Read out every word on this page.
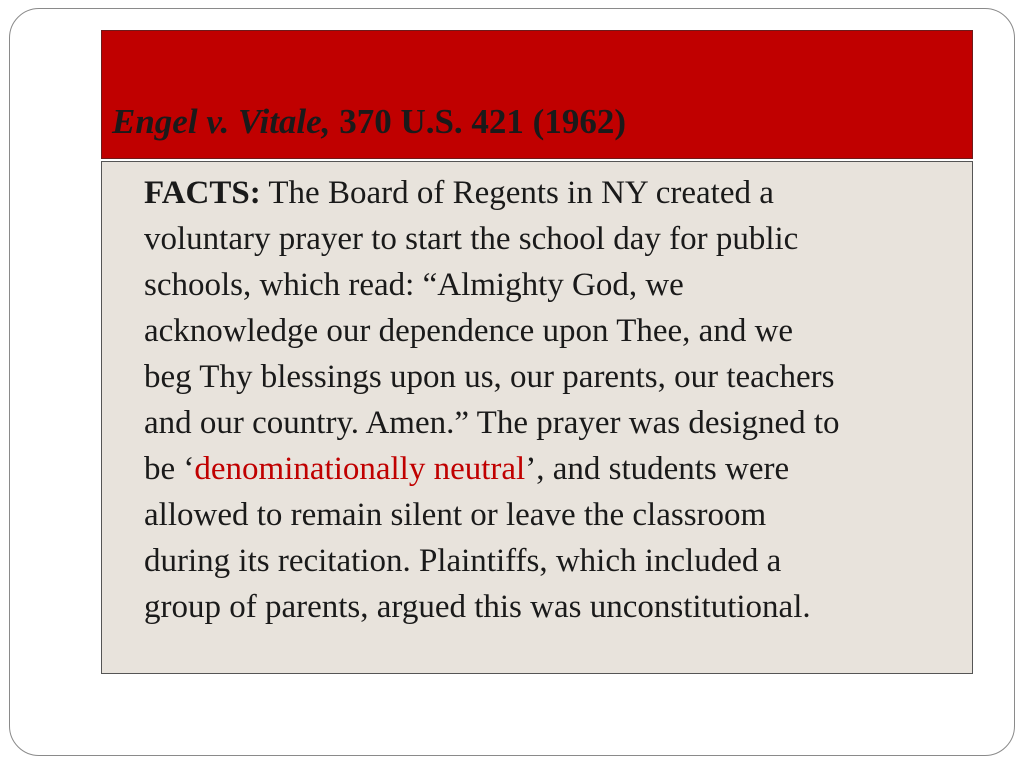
Engel v. Vitale, 370 U.S. 421 (1962)
FACTS: The Board of Regents in NY created a
voluntary prayer to start the school day for public
schools, which read: “Almighty God, we
acknowledge our dependence upon Thee, and we
beg Thy blessings upon us, our parents, our teachers
and our country. Amen.” The prayer was designed to
be ‘denominationally neutral’, and students were
allowed to remain silent or leave the classroom
during its recitation. Plaintiffs, which included a
group of parents, argued this was unconstitutional.
